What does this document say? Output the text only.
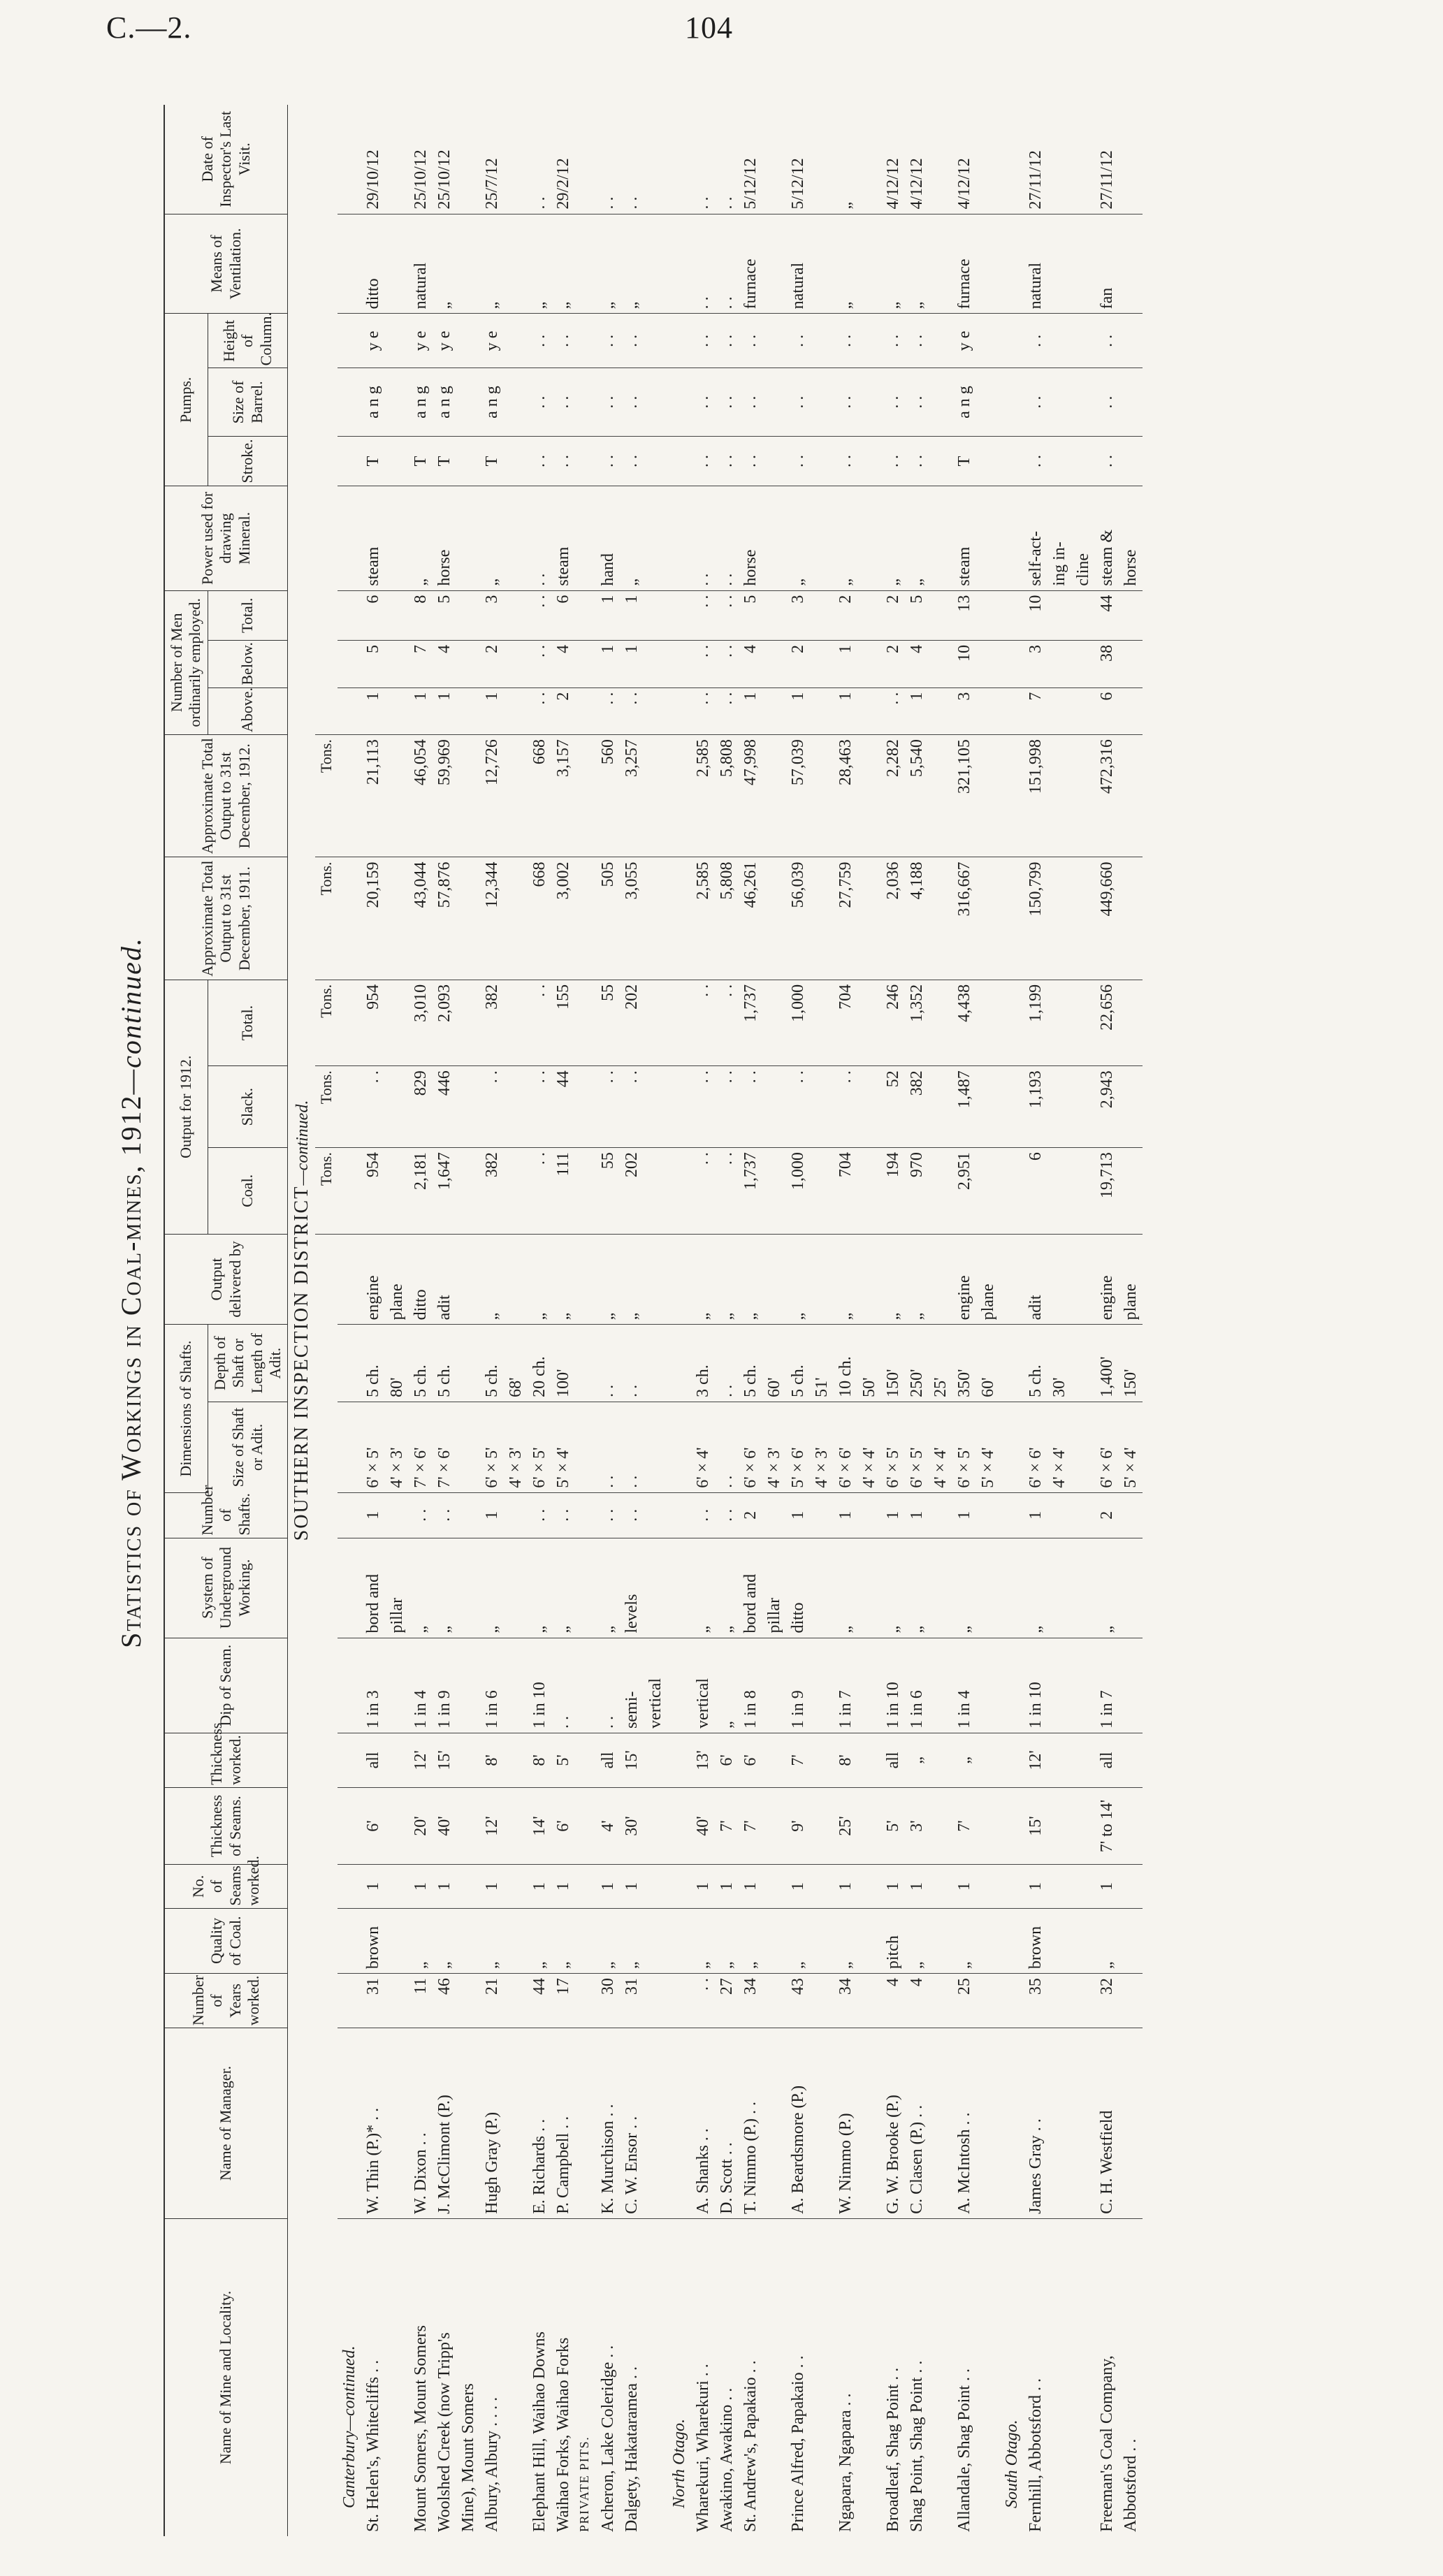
C.—2.	104
Statistics of Workings in Coal-mines, 1912—continued.
Name of Mine and Locality.	Name of Manager.	Number of Years worked.	Quality of Coal.	No. of Seams worked.	Thickness of Seams.	Thickness worked.	Dip of Seam.	System of Underground Working.	Number of Shafts.	Dimensions of Shafts.		Output delivered by	Output for 1912.			Approximate Total Output to 31st December, 1911.	Approximate Total Output to 31st December, 1912.	Number of Men ordinarily employed.			Power used for drawing Mineral.	Pumps.			Means of Ventilation.	Date of Inspector's Last Visit.
										Size of Shaft or Adit.	Depth of Shaft or Length of Adit.		Coal.	Slack.	Total.			Above.	Below.	Total.		Stroke.	Size of Barrel.	Height of Column.		
SOUTHERN INSPECTION DISTRICT—continued.																										
													Tons.	Tons.	Tons.	Tons.	Tons.									
Canterbury—continued.																										
St. Helen's, Whitecliffs . .	W. Thin (P.)* . .	31	brown	1	6'	all	1 in 3	bord and	1	6' × 5'	5 ch.	engine	954	. .	954	20,159	21,113	1	5	6	steam	T	a n g	y e	ditto	29/10/12
								pillar		4' × 3'	80'	plane														
Mount Somers, Mount Somers	W. Dixon . .	11	„	1	20'	12'	1 in 4	„	. .	7' × 6'	5 ch.	ditto	2,181	829	3,010	43,044	46,054	1	7	8	„	T	a n g	y e	natural	25/10/12
Woolshed Creek (now Tripp's	J. McClimont (P.)	46	„	1	40'	15'	1 in 9	„	. .	7' × 6'	5 ch.	adit	1,647	446	2,093	57,876	59,969	1	4	5	horse	T	a n g	y e	„	25/10/12
Mine), Mount Somers																										
Albury, Albury . . . .	Hugh Gray (P.)	21	„	1	12'	8'	1 in 6	„	1	6' × 5'	5 ch.	„	382	. .	382	12,344	12,726	1	2	3	„	T	a n g	y e	„	25/7/12
										4' × 3'	68'															
Elephant Hill, Waihao Downs	E. Richards . .	44	„	1	14'	8'	1 in 10	„	. .	6' × 5'	20 ch.	„	. .	. .	. .	668	668	. .	. .	. .	. .	. .	. .	. .	„	. .
Waihao Forks, Waihao Forks	P. Campbell . .	17	„	1	6'	5'	. .	„	. .	5' × 4'	100'	„	111	44	155	3,002	3,157	2	4	6	steam	. .	. .	. .	„	29/2/12
PRIVATE PITS.																										
Acheron, Lake Coleridge . .	K. Murchison . .	30	„	1	4'	all	. .	„	. .	. .	. .	„	55	. .	55	505	560	. .	1	1	hand	. .	. .	. .	„	. .
Dalgety, Hakataramea . .	C. W. Ensor . .	31	„	1	30'	15'	semi-	levels	. .	. .	. .	„	202	. .	202	3,055	3,257	. .	1	1	„	. .	. .	. .	„	. .
							vertical																			
North Otago.																										
Wharekuri, Wharekuri . .	A. Shanks . .	. .	„	1	40'	13'	vertical	„	. .	6' × 4'	3 ch.	„	. .	. .	. .	2,585	2,585	. .	. .	. .	. .	. .	. .	. .	. .	. .
Awakino, Awakino . .	D. Scott . .	27	„	1	7'	6'	„	„	. .	. .	. .	„	. .	. .	. .	5,808	5,808	. .	. .	. .	. .	. .	. .	. .	. .	. .
St. Andrew's, Papakaio . .	T. Nimmo (P.) . .	34	„	1	7'	6'	1 in 8	bord and	2	6' × 6'	5 ch.	„	1,737	. .	1,737	46,261	47,998	1	4	5	horse	. .	. .	. .	furnace	5/12/12
								pillar		4' × 3'	60'															
Prince Alfred, Papakaio . .	A. Beardsmore (P.)	43	„	1	9'	7'	1 in 9	ditto	1	5' × 6'	5 ch.	„	1,000	. .	1,000	56,039	57,039	1	2	3	„	. .	. .	. .	natural	5/12/12
										4' × 3'	51'															
Ngapara, Ngapara . .	W. Nimmo (P.)	34	„	1	25'	8'	1 in 7	„	1	6' × 6'	10 ch.	„	704	. .	704	27,759	28,463	1	1	2	„	. .	. .	. .	„	„
										4' × 4'	50'															
Broadleaf, Shag Point . .	G. W. Brooke (P.)	4	pitch	1	5'	all	1 in 10	„	1	6' × 5'	150'	„	194	52	246	2,036	2,282	. .	2	2	„	. .	. .	. .	„	4/12/12
Shag Point, Shag Point . .	C. Clasen (P.) . .	4	„	1	3'	„	1 in 6	„	1	6' × 5'	250'	„	970	382	1,352	4,188	5,540	1	4	5	„	. .	. .	. .	„	4/12/12
										4' × 4'	25'															
Allandale, Shag Point . .	A. McIntosh . .	25	„	1	7'	„	1 in 4	„	1	6' × 5'	350'	engine	2,951	1,487	4,438	316,667	321,105	3	10	13	steam	T	a n g	y e	furnace	4/12/12
										5' × 4'	60'	plane														
South Otago.																										
Fernhill, Abbotsford . .	James Gray . .	35	brown	1	15'	12'	1 in 10	„	1	6' × 6'	5 ch.	adit	6	1,193	1,199	150,799	151,998	7	3	10	self-act-	. .	. .	. .	natural	27/11/12
										4' × 4'	30'										ing in-					
																					cline					
Freeman's Coal Company,	C. H. Westfield	32	„	1	7' to 14'	all	1 in 7	„	2	6' × 6'	1,400'	engine	19,713	2,943	22,656	449,660	472,316	6	38	44	steam &	. .	. .	. .	fan	27/11/12
Abbotsford . .										5' × 4'	150'	plane									horse					
